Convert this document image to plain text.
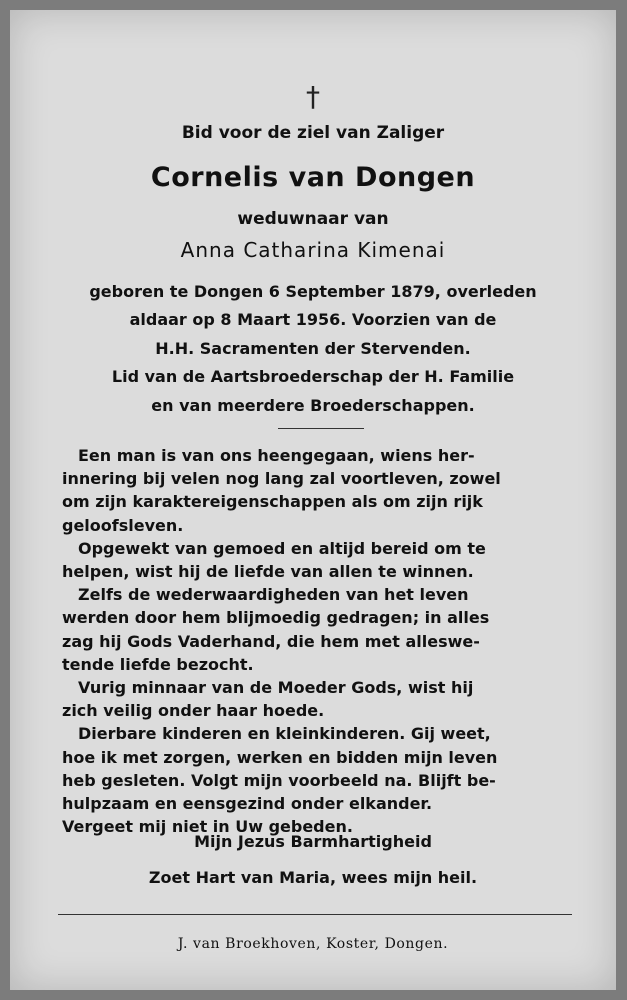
†
Bid voor de ziel van Zaliger
Cornelis van Dongen
weduwnaar van
Anna Catharina Kimenai
geboren te Dongen 6 September 1879, overleden
aldaar op 8 Maart 1956. Voorzien van de
H.H. Sacramenten der Stervenden.
Lid van de Aartsbroederschap der H. Familie
en van meerdere Broederschappen.
Een man is van ons heengegaan, wiens her-
innering bij velen nog lang zal voortleven, zowel
om zijn karaktereigenschappen als om zijn rijk
geloofsleven.
Opgewekt van gemoed en altijd bereid om te
helpen, wist hij de liefde van allen te winnen.
Zelfs de wederwaardigheden van het leven
werden door hem blijmoedig gedragen; in alles
zag hij Gods Vaderhand, die hem met alleswe-
tende liefde bezocht.
Vurig minnaar van de Moeder Gods, wist hij
zich veilig onder haar hoede.
Dierbare kinderen en kleinkinderen. Gij weet,
hoe ik met zorgen, werken en bidden mijn leven
heb gesleten. Volgt mijn voorbeeld na. Blijft be-
hulpzaam en eensgezind onder elkander.
Vergeet mij niet in Uw gebeden.
Mijn Jezus Barmhartigheid
Zoet Hart van Maria, wees mijn heil.
J. van Broekhoven, Koster, Dongen.
